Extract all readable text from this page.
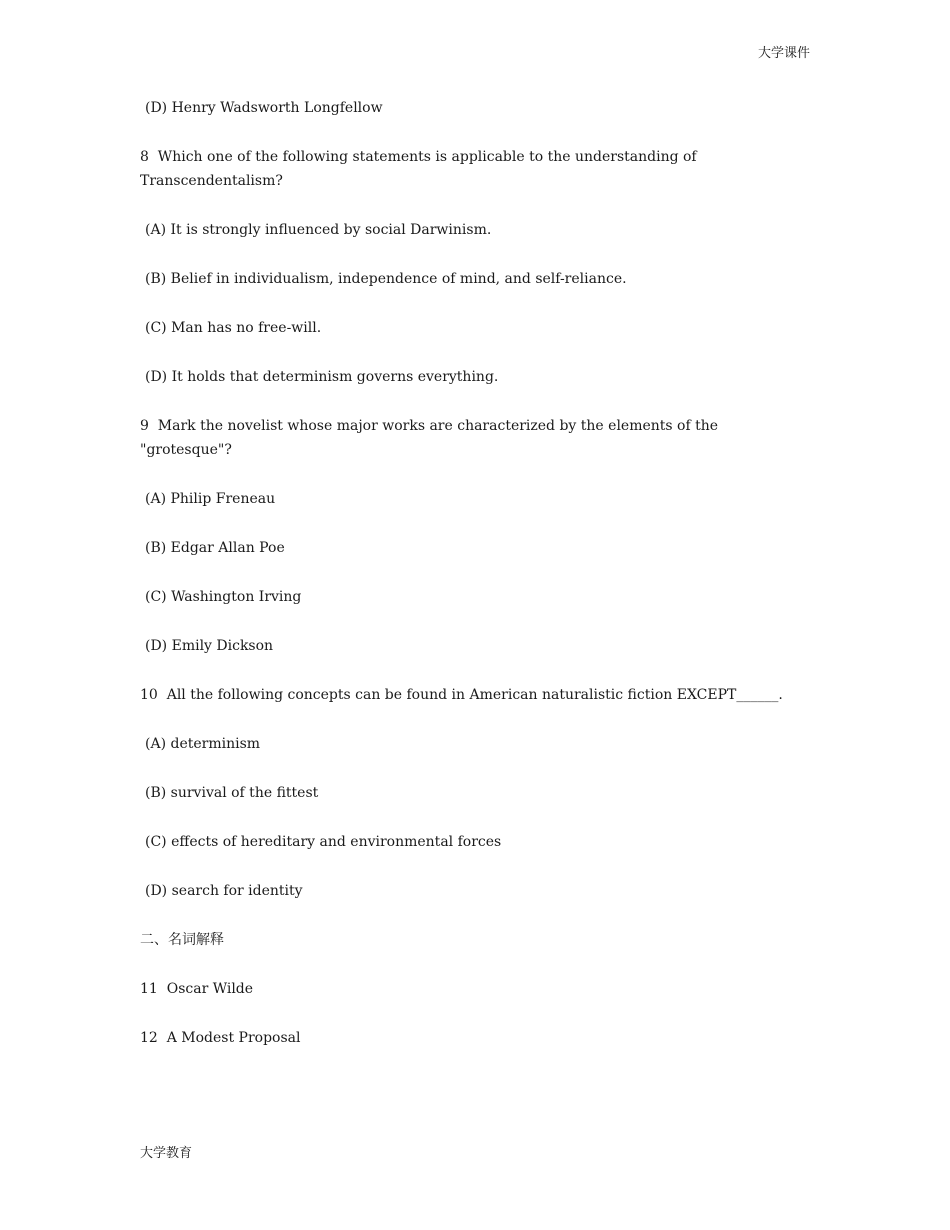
大学课件

(D) Henry Wadsworth Longfellow

8  Which one of the following statements is applicable to the understanding of Transcendentalism?

(A) It is strongly influenced by social Darwinism.

(B) Belief in individualism, independence of mind, and self-reliance.

(C) Man has no free-will.

(D) It holds that determinism governs everything.

9  Mark the novelist whose major works are characterized by the elements of the "grotesque"?

(A) Philip Freneau

(B) Edgar Allan Poe

(C) Washington Irving

(D) Emily Dickson

10  All the following concepts can be found in American naturalistic fiction EXCEPT______.

(A) determinism

(B) survival of the fittest

(C) effects of hereditary and environmental forces

(D) search for identity

二、名词解释

11  Oscar Wilde

12  A Modest Proposal

大学教育
